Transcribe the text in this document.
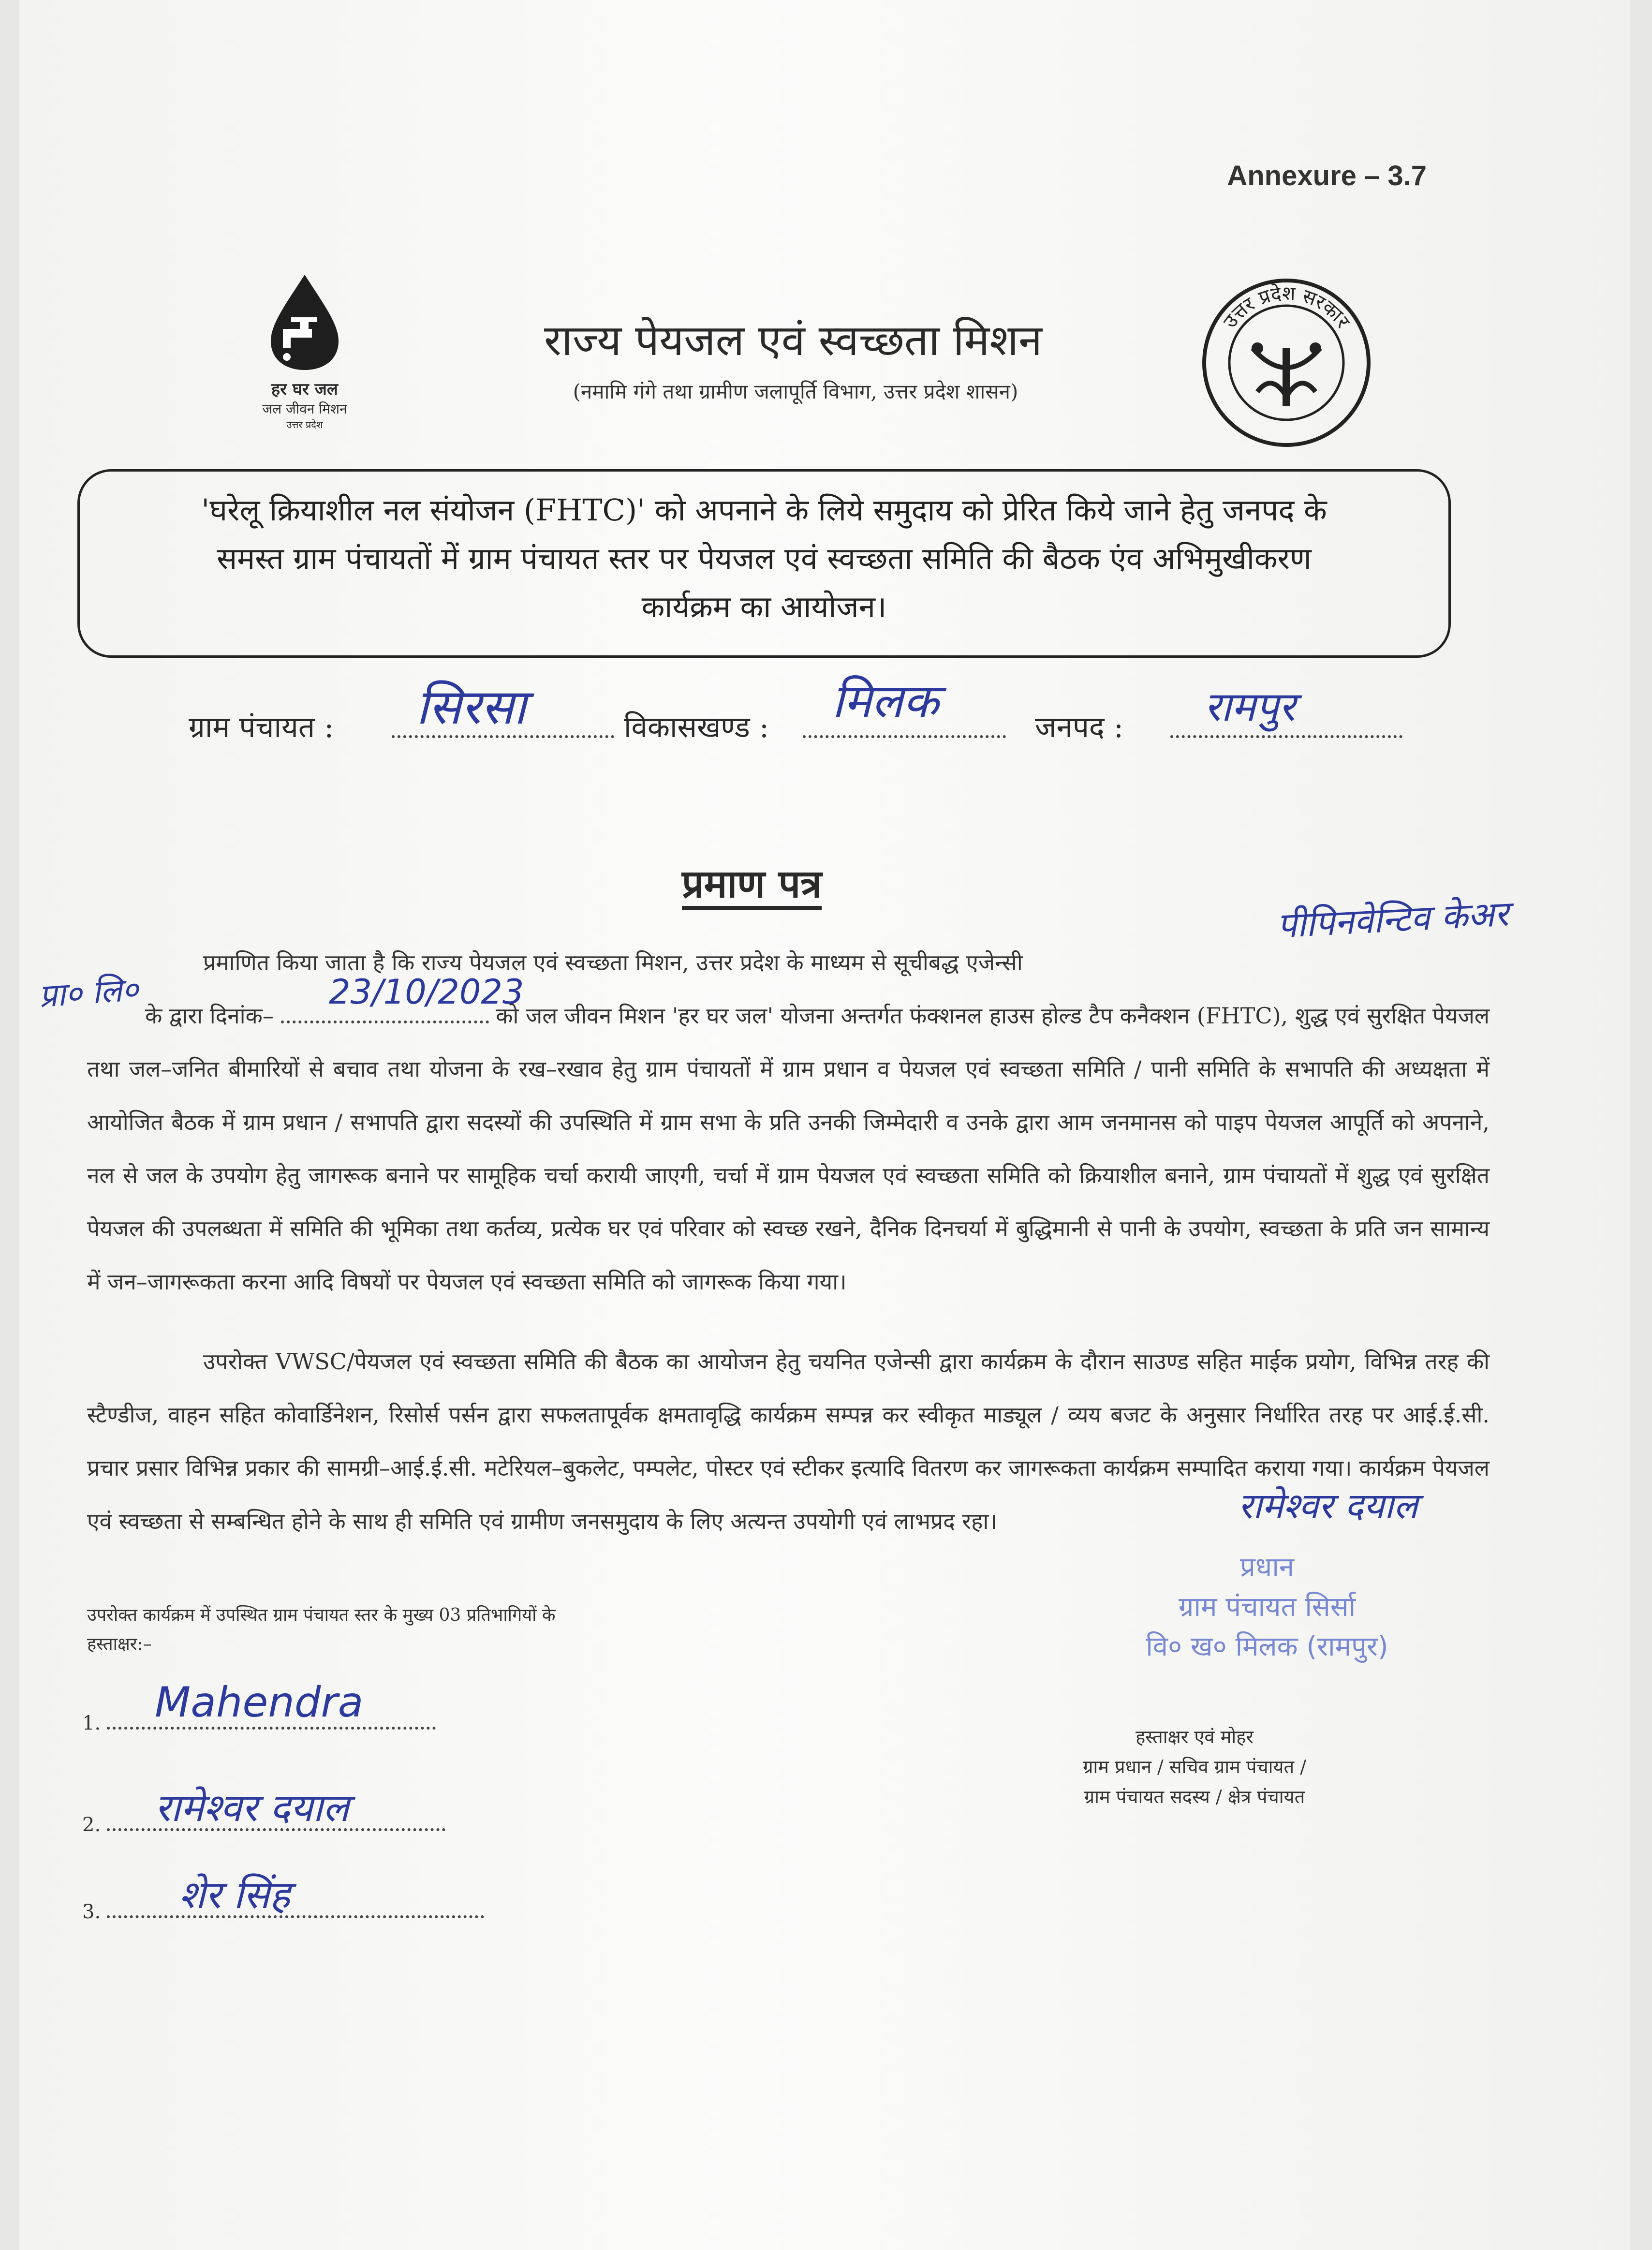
Annexure – 3.7
हर घर जल
जल जीवन मिशन
उत्तर प्रदेश
राज्य पेयजल एवं स्वच्छता मिशन
(नमामि गंगे तथा ग्रामीण जलापूर्ति विभाग, उत्तर प्रदेश शासन)
उत्तर प्रदेश सरकार
'घरेलू क्रियाशील नल संयोजन (FHTC)' को अपनाने के लिये समुदाय को प्रेरित किये जाने हेतु जनपद के
समस्त ग्राम पंचायतों में ग्राम पंचायत स्तर पर पेयजल एवं स्वच्छता समिति की बैठक एंव अभिमुखीकरण
कार्यक्रम का आयोजन।
ग्राम पंचायत : सिरसा	विकासखण्ड : मिलक	जनपद : रामपुर
प्रमाण पत्र
पीपिनवेन्टिव केअर
प्रा० लि०	23/10/2023
प्रमाणित किया जाता है कि राज्य पेयजल एवं स्वच्छता मिशन, उत्तर प्रदेश के माध्यम से सूचीबद्ध एजेन्सी
के द्वारा दिनांक–	को जल जीवन मिशन 'हर घर जल' योजना अन्तर्गत फंक्शनल हाउस होल्ड टैप कनैक्शन (FHTC), शुद्ध एवं सुरक्षित पेयजल तथा जल–जनित बीमारियों से बचाव तथा योजना के रख–रखाव हेतु ग्राम पंचायतों में ग्राम प्रधान व पेयजल एवं स्वच्छता समिति / पानी समिति के सभापति की अध्यक्षता में आयोजित बैठक में ग्राम प्रधान / सभापति द्वारा सदस्यों की उपस्थिति में ग्राम सभा के प्रति उनकी जिम्मेदारी व उनके द्वारा आम जनमानस को पाइप पेयजल आपूर्ति को अपनाने, नल से जल के उपयोग हेतु जागरूक बनाने पर सामूहिक चर्चा करायी जाएगी, चर्चा में ग्राम पेयजल एवं स्वच्छता समिति को क्रियाशील बनाने, ग्राम पंचायतों में शुद्ध एवं सुरक्षित पेयजल की उपलब्धता में समिति की भूमिका तथा कर्तव्य, प्रत्येक घर एवं परिवार को स्वच्छ रखने, दैनिक दिनचर्या में बुद्धिमानी से पानी के उपयोग, स्वच्छता के प्रति जन सामान्य में जन–जागरूकता करना आदि विषयों पर पेयजल एवं स्वच्छता समिति को जागरूक किया गया।
उपरोक्त VWSC/पेयजल एवं स्वच्छता समिति की बैठक का आयोजन हेतु चयनित एजेन्सी द्वारा कार्यक्रम के दौरान साउण्ड सहित माईक प्रयोग, विभिन्न तरह की स्टैण्डीज, वाहन सहित कोवार्डिनेशन, रिसोर्स पर्सन द्वारा सफलतापूर्वक क्षमतावृद्धि कार्यक्रम सम्पन्न कर स्वीकृत माड्यूल / व्यय बजट के अनुसार निर्धारित तरह पर आई.ई.सी. प्रचार प्रसार विभिन्न प्रकार की सामग्री–आई.ई.सी. मटेरियल–बुकलेट, पम्पलेट, पोस्टर एवं स्टीकर इत्यादि वितरण कर जागरूकता कार्यक्रम सम्पादित कराया गया। कार्यक्रम पेयजल एवं स्वच्छता से सम्बन्धित होने के साथ ही समिति एवं ग्रामीण जनसमुदाय के लिए अत्यन्त उपयोगी एवं लाभप्रद रहा।	रामेश्वर दयाल
प्रधान
ग्राम पंचायत सिर्सा
वि० ख० मिलक (रामपुर)
उपरोक्त कार्यक्रम में उपस्थित ग्राम पंचायत स्तर के मुख्य 03 प्रतिभागियों के
हस्ताक्षर:–
1. Mahendra
2. रामेश्वर दयाल
3. शेर सिंह
हस्ताक्षर एवं मोहर
ग्राम प्रधान / सचिव ग्राम पंचायत /
ग्राम पंचायत सदस्य / क्षेत्र पंचायत
